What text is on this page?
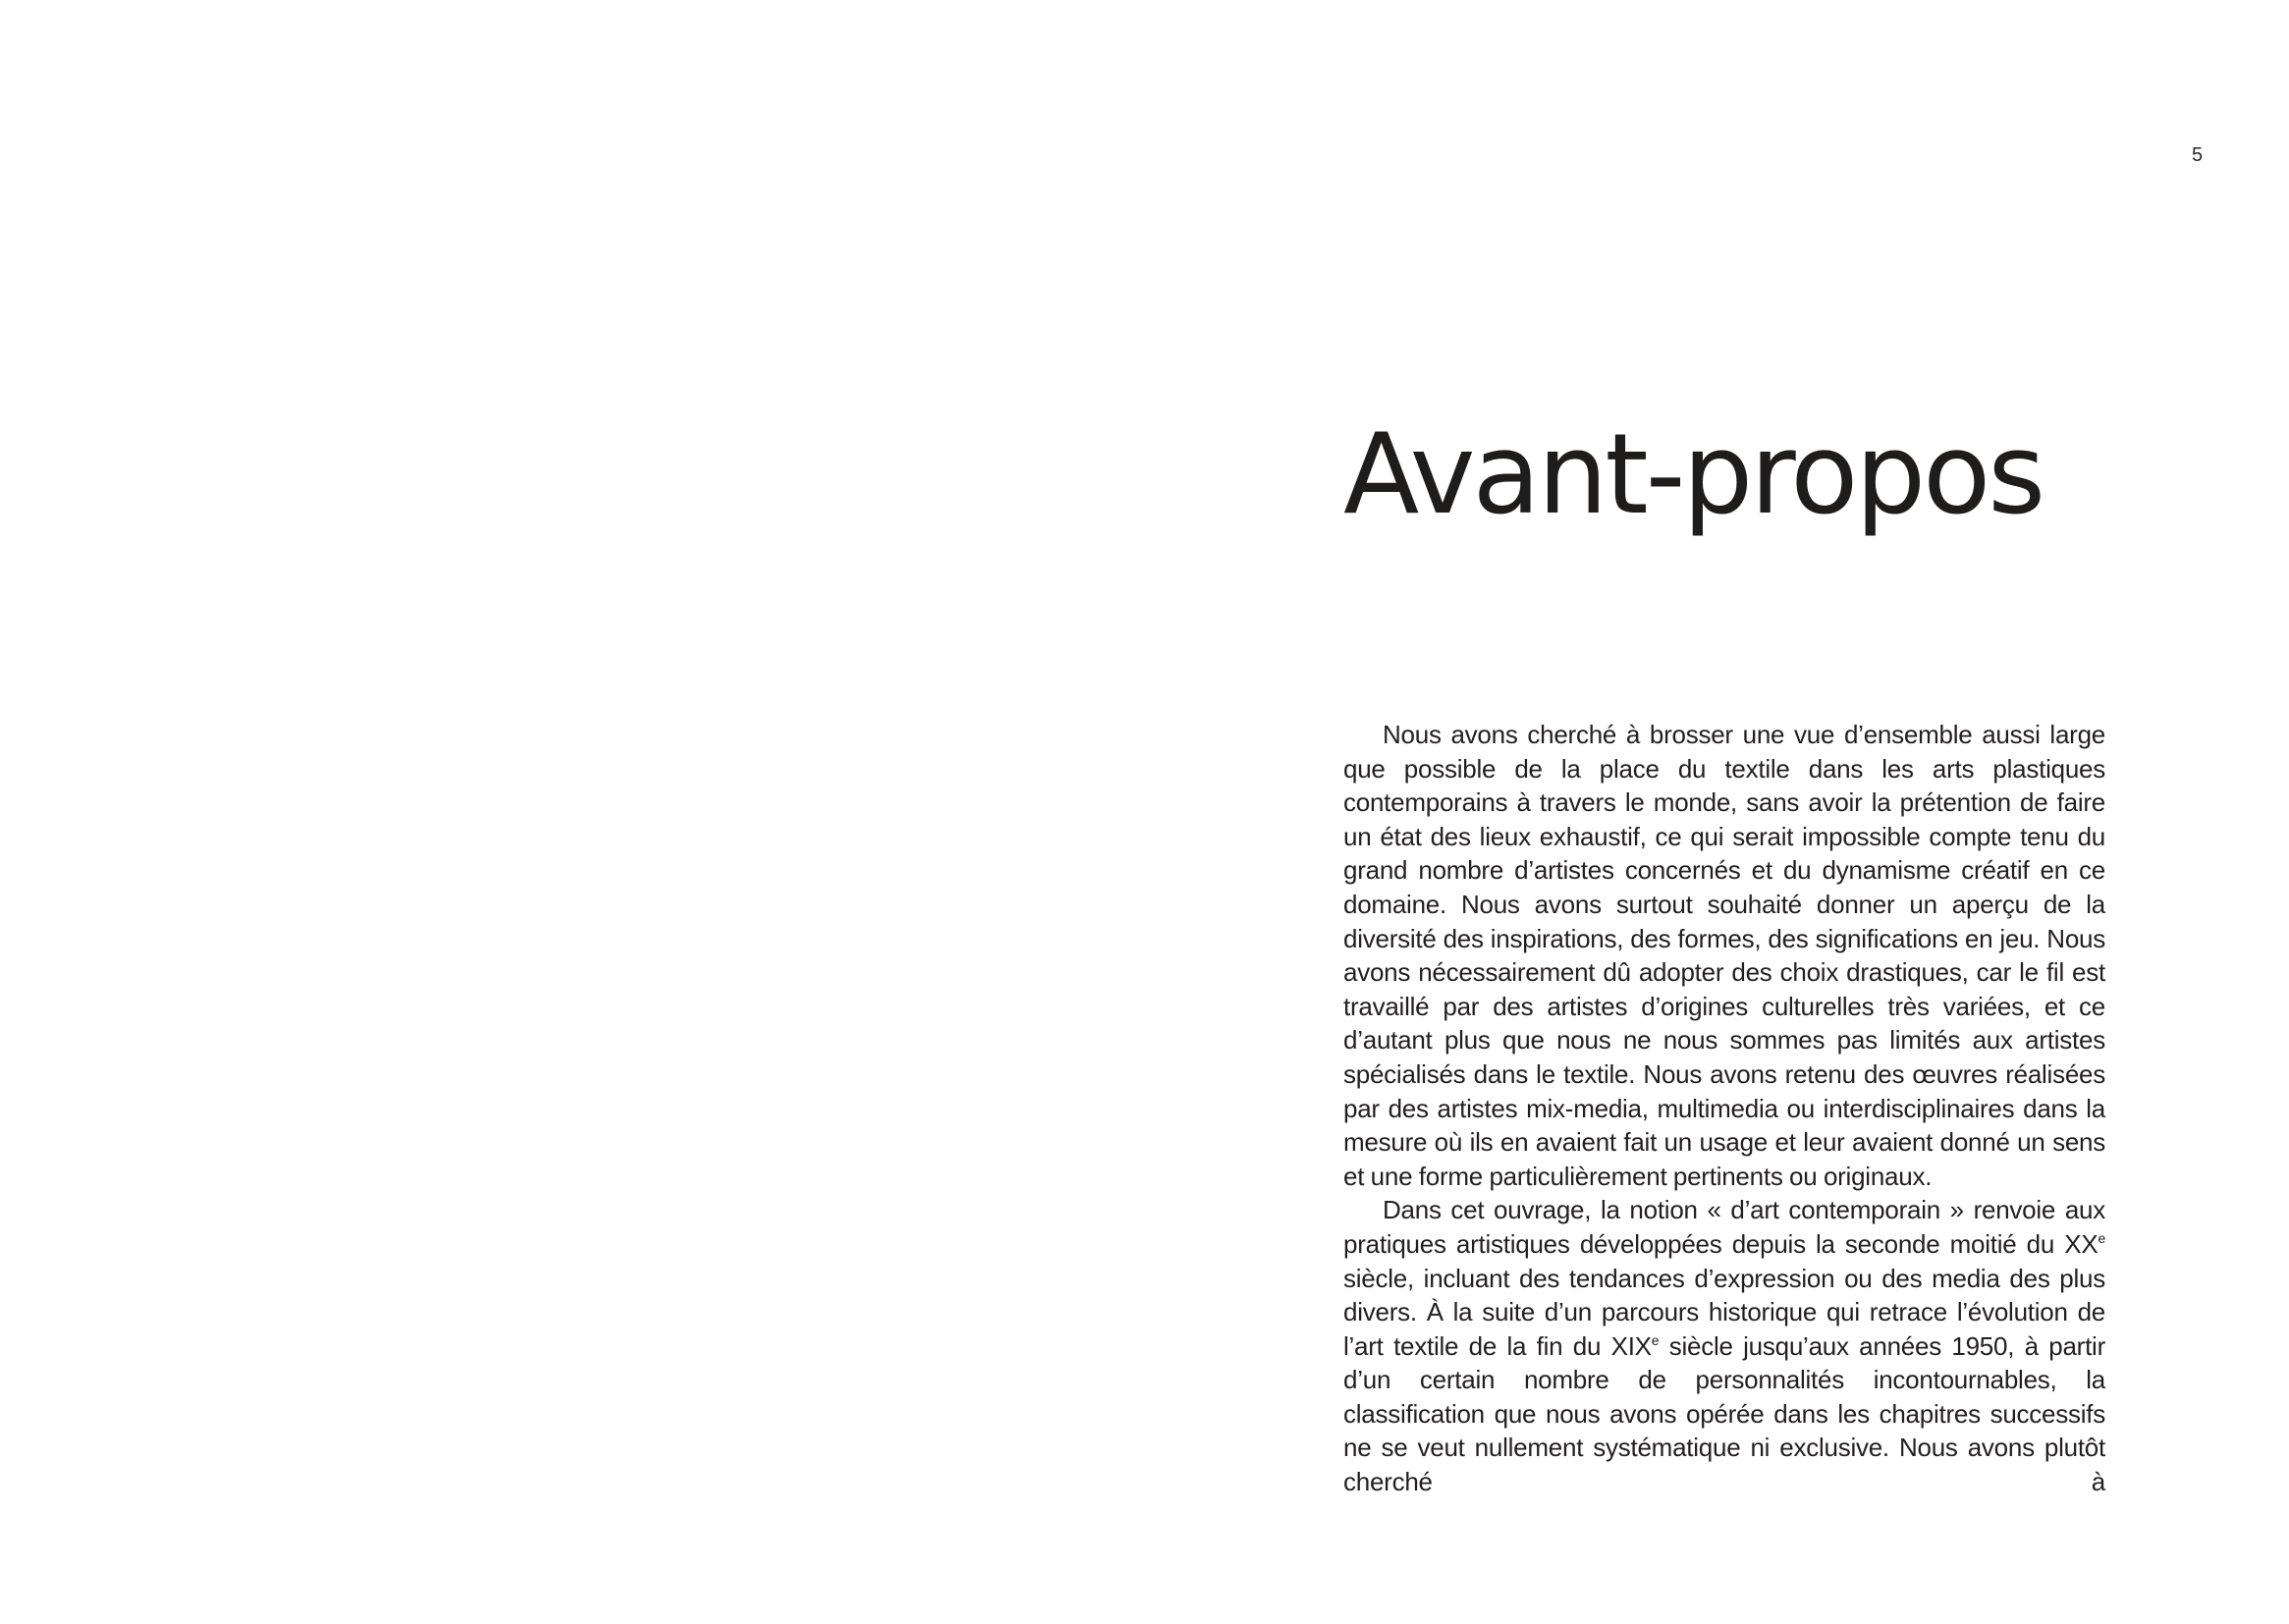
5
Avant-propos

Nous avons cherché à brosser une vue d’ensemble aussi large que possible de la place du textile dans les arts plastiques contemporains à travers le monde, sans avoir la prétention de faire un état des lieux exhaustif, ce qui serait impossible compte tenu du grand nombre d’artistes concernés et du dynamisme créatif en ce domaine. Nous avons surtout souhaité donner un aperçu de la diversité des inspirations, des formes, des significations en jeu. Nous avons nécessairement dû adopter des choix drastiques, car le fil est travaillé par des artistes d’origines culturelles très variées, et ce d’autant plus que nous ne nous sommes pas limités aux artistes spécialisés dans le textile. Nous avons retenu des œuvres réalisées par des artistes mix-media, multimedia ou interdisciplinaires dans la mesure où ils en avaient fait un usage et leur avaient donné un sens et une forme particulièrement pertinents ou originaux.

Dans cet ouvrage, la notion « d’art contemporain » renvoie aux pratiques artistiques développées depuis la seconde moitié du XXe siècle, incluant des tendances d’expression ou des media des plus divers. À la suite d’un parcours historique qui retrace l’évolution de l’art textile de la fin du XIXe siècle jusqu’aux années 1950, à partir d’un certain nombre de personnalités incontournables, la classification que nous avons opérée dans les chapitres successifs ne se veut nullement systématique ni exclusive. Nous avons plutôt cherché à
